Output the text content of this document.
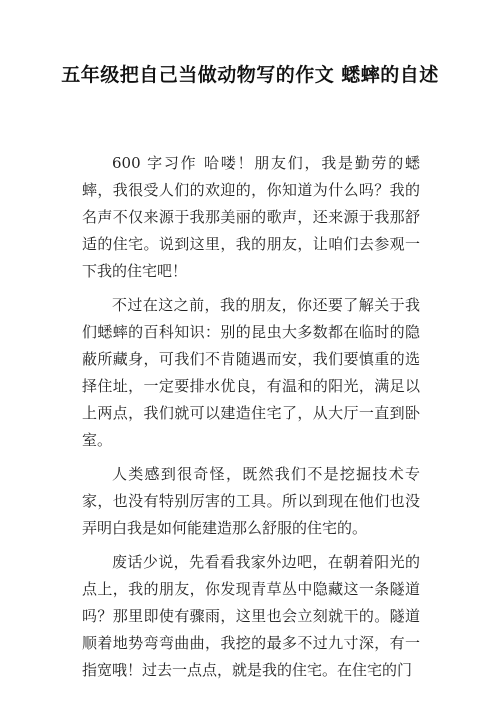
五年级把自己当做动物写的作文 蟋蟀的自述

600 字习作 哈喽！朋友们，我是勤劳的蟋蟀，我很受人们的欢迎的，你知道为什么吗？我的名声不仅来源于我那美丽的歌声，还来源于我那舒适的住宅。说到这里，我的朋友，让咱们去参观一下我的住宅吧！

不过在这之前，我的朋友，你还要了解关于我们蟋蟀的百科知识：别的昆虫大多数都在临时的隐蔽所藏身，可我们不肯随遇而安，我们要慎重的选择住址，一定要排水优良，有温和的阳光，满足以上两点，我们就可以建造住宅了，从大厅一直到卧室。

人类感到很奇怪，既然我们不是挖掘技术专家，也没有特别厉害的工具。所以到现在他们也没弄明白我是如何能建造那么舒服的住宅的。

废话少说，先看看我家外边吧，在朝着阳光的点上，我的朋友，你发现青草丛中隐藏这一条隧道吗？那里即使有骤雨，这里也会立刻就干的。隧道顺着地势弯弯曲曲，我挖的最多不过九寸深，有一指宽哦！过去一点点，就是我的住宅。在住宅的门
